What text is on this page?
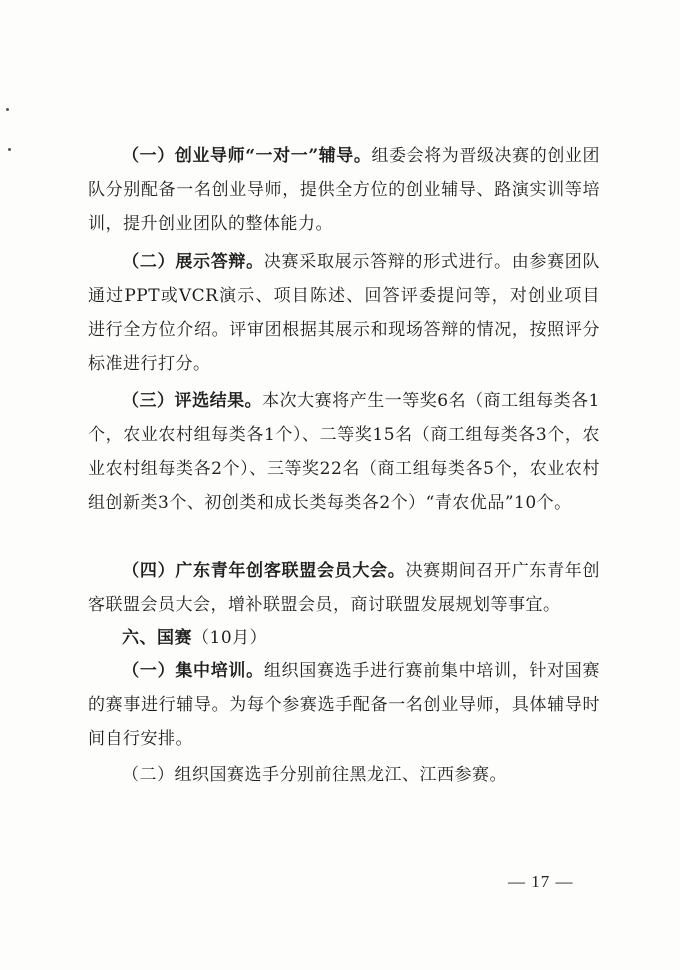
（一）创业导师“一对一”辅导。组委会将为晋级决赛的创业团队分别配备一名创业导师，提供全方位的创业辅导、路演实训等培训，提升创业团队的整体能力。

（二）展示答辩。决赛采取展示答辩的形式进行。由参赛团队通过PPT或VCR演示、项目陈述、回答评委提问等，对创业项目进行全方位介绍。评审团根据其展示和现场答辩的情况，按照评分标准进行打分。

（三）评选结果。本次大赛将产生一等奖6名（商工组每类各1个，农业农村组每类各1个）、二等奖15名（商工组每类各3个，农业农村组每类各2个）、三等奖22名（商工组每类各5个，农业农村组创新类3个、初创类和成长类每类各2个）“青农优品”10个。

（四）广东青年创客联盟会员大会。决赛期间召开广东青年创客联盟会员大会，增补联盟会员，商讨联盟发展规划等事宜。

六、国赛（10月）

（一）集中培训。组织国赛选手进行赛前集中培训，针对国赛的赛事进行辅导。为每个参赛选手配备一名创业导师，具体辅导时间自行安排。

（二）组织国赛选手分别前往黑龙江、江西参赛。

— 17 —
